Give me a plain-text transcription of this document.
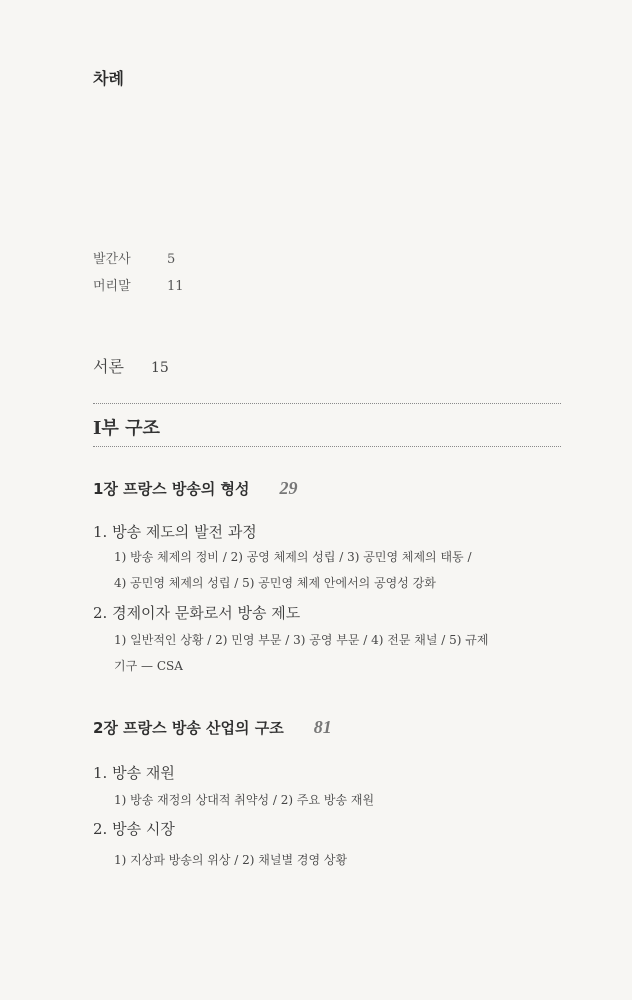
차례
발간사	5
머리말	11
서론 15
I부 구조
1장 프랑스 방송의 형성 29
1. 방송 제도의 발전 과정
1) 방송 체제의 정비 / 2) 공영 체제의 성립 / 3) 공민영 체제의 태동 /
4) 공민영 체제의 성립 / 5) 공민영 체제 안에서의 공영성 강화
2. 경제이자 문화로서 방송 제도
1) 일반적인 상황 / 2) 민영 부문 / 3) 공영 부문 / 4) 전문 채널 / 5) 규제
기구 — CSA
2장 프랑스 방송 산업의 구조 81
1. 방송 재원
1) 방송 재정의 상대적 취약성 / 2) 주요 방송 재원
2. 방송 시장
1) 지상파 방송의 위상 / 2) 채널별 경영 상황
